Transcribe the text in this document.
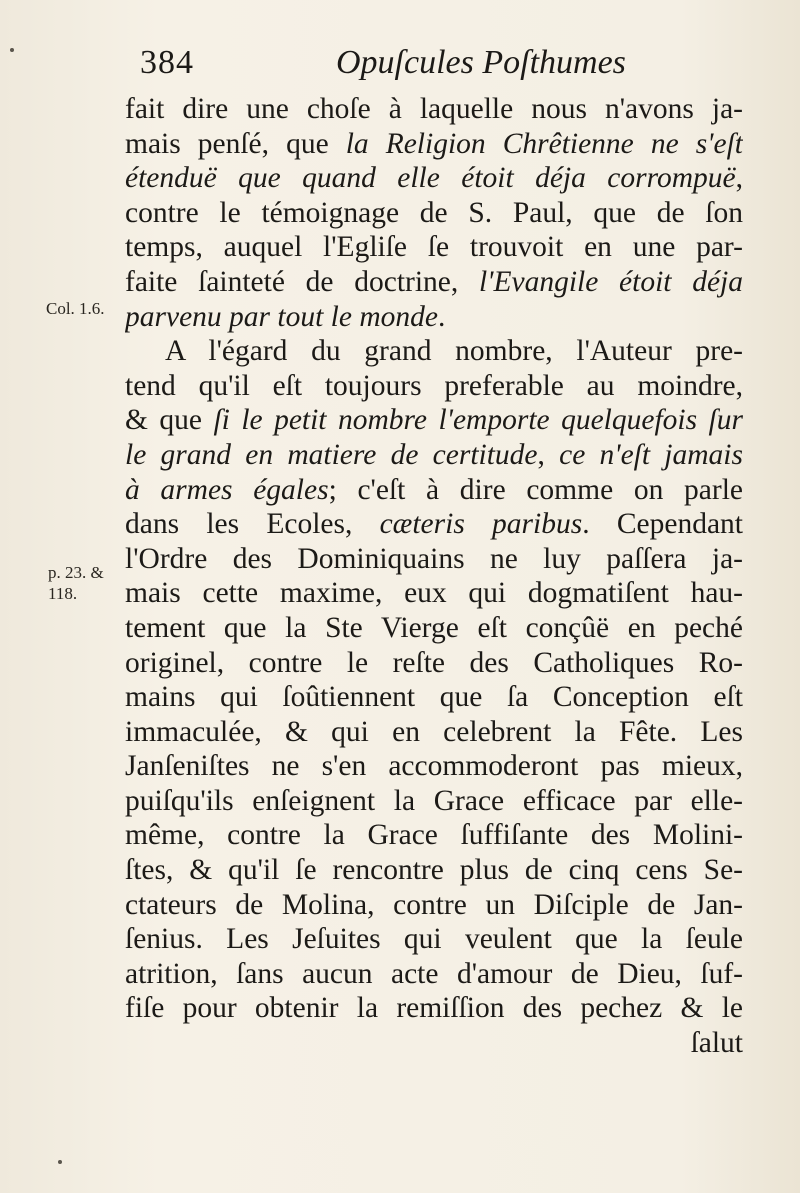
384	Opuſcules Poſthumes
Col. 1.6.
p. 23. &
118.
fait dire une choſe à laquelle nous n'avons ja-
mais penſé, que la Religion Chrêtienne ne s'eſt
étenduë que quand elle étoit déja corrompuë,
contre le témoignage de S. Paul, que de ſon
temps, auquel l'Egliſe ſe trouvoit en une par-
faite ſainteté de doctrine, l'Evangile étoit déja
parvenu par tout le monde.
A l'égard du grand nombre, l'Auteur pre-
tend qu'il eſt toujours preferable au moindre,
& que ſi le petit nombre l'emporte quelquefois ſur
le grand en matiere de certitude, ce n'eſt jamais
à armes égales; c'eſt à dire comme on parle
dans les Ecoles, cæteris paribus. Cependant
l'Ordre des Dominiquains ne luy paſſera ja-
mais cette maxime, eux qui dogmatiſent hau-
tement que la Ste Vierge eſt conçûë en peché
originel, contre le reſte des Catholiques Ro-
mains qui ſoûtiennent que ſa Conception eſt
immaculée, & qui en celebrent la Fête. Les
Janſeniſtes ne s'en accommoderont pas mieux,
puiſqu'ils enſeignent la Grace efficace par elle-
même, contre la Grace ſuffiſante des Molini-
ſtes, & qu'il ſe rencontre plus de cinq cens Se-
ctateurs de Molina, contre un Diſciple de Jan-
ſenius. Les Jeſuites qui veulent que la ſeule
atrition, ſans aucun acte d'amour de Dieu, ſuf-
fiſe pour obtenir la remiſſion des pechez & le
ſalut
